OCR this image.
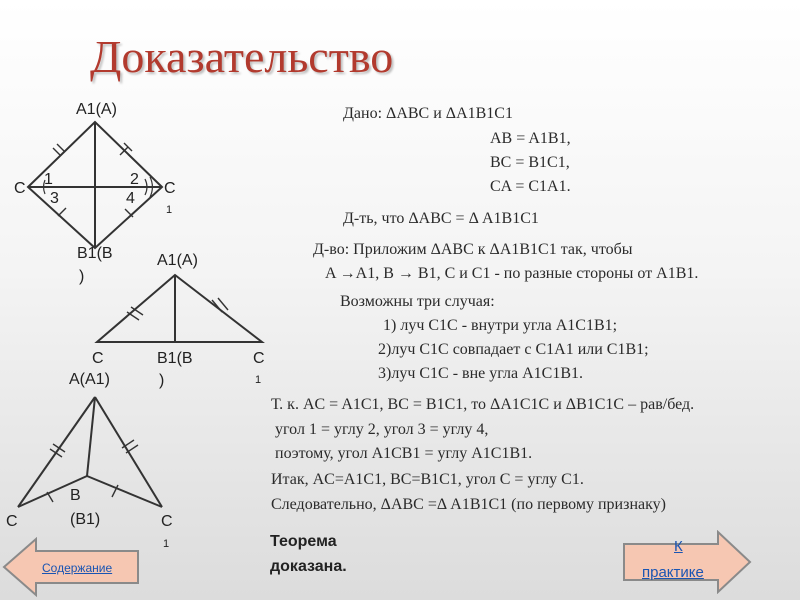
Доказательство
A1(A)
C	C
1
B1(B
)
1	2
3	4
A1(A)
C	B1(B
)
C
1
A(A1)
C
B
(B1)	C
1
Дано: ΔABC и ΔA1B1C1
AB = A1B1,
BC = B1C1,
CA = C1A1.
Д-ть, что ΔABC = Δ A1B1C1
Д-во: Приложим ΔABC к ΔA1B1C1 так, чтобы
A →A1, B → B1, C и C1 - по разные стороны от A1B1.
Возможны три случая:
1) луч C1C - внутри угла A1C1B1;
2)луч C1C совпадает с C1A1 или C1B1;
3)луч C1C - вне угла A1C1B1.
Т. к. AC = A1C1, BC = B1C1, то ΔA1C1C и ΔB1C1C – рав/бед.
угол 1 = углу 2, угол 3 = углу 4,
поэтому, угол A1CB1 = углу A1C1B1.
Итак, AC=A1C1, BC=B1C1, угол C = углу C1.
Следовательно, ΔABC =Δ A1B1C1 (по первому признаку)
Теорема
доказана.
Содержание
К
практике
